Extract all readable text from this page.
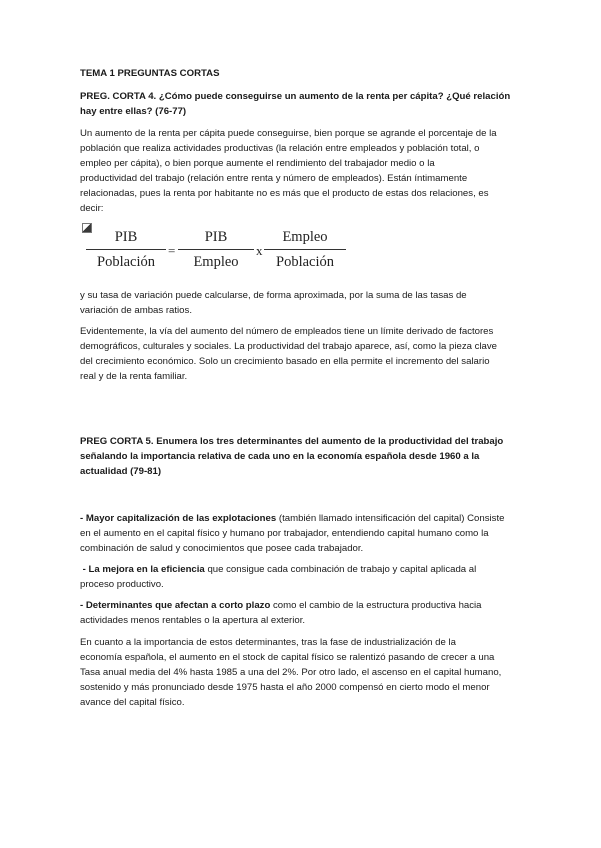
TEMA 1 PREGUNTAS CORTAS
PREG. CORTA 4. ¿Cómo puede conseguirse un aumento de la renta per cápita? ¿Qué relación
hay entre ellas? (76-77)
Un aumento de la renta per cápita puede conseguirse, bien porque se agrande el porcentaje de la
población que realiza actividades productivas (la relación entre empleados y población total, o
empleo per cápita), o bien porque aumente el rendimiento del trabajador medio o la
productividad del trabajo (relación entre renta y número de empleados). Están íntimamente
relacionadas, pues la renta por habitante no es más que el producto de estas dos relaciones, es
decir:
PIB
Población
=
PIB
Empleo
x
Empleo
Población
y su tasa de variación puede calcularse, de forma aproximada, por la suma de las tasas de
variación de ambas ratios.
Evidentemente, la vía del aumento del número de empleados tiene un límite derivado de factores
demográficos, culturales y sociales. La productividad del trabajo aparece, así, como la pieza clave
del crecimiento económico. Solo un crecimiento basado en ella permite el incremento del salario
real y de la renta familiar.
PREG CORTA 5. Enumera los tres determinantes del aumento de la productividad del trabajo
señalando la importancia relativa de cada uno en la economía española desde 1960 a la
actualidad (79-81)
- Mayor capitalización de las explotaciones (también llamado intensificación del capital) Consiste
en el aumento en el capital físico y humano por trabajador, entendiendo capital humano como la
combinación de salud y conocimientos que posee cada trabajador.
- La mejora en la eficiencia que consigue cada combinación de trabajo y capital aplicada al
proceso productivo.
- Determinantes que afectan a corto plazo como el cambio de la estructura productiva hacia
actividades menos rentables o la apertura al exterior.
En cuanto a la importancia de estos determinantes, tras la fase de industrialización de la
economía española, el aumento en el stock de capital físico se ralentizó pasando de crecer a una
Tasa anual media del 4% hasta 1985 a una del 2%. Por otro lado, el ascenso en el capital humano,
sostenido y más pronunciado desde 1975 hasta el año 2000 compensó en cierto modo el menor
avance del capital físico.
